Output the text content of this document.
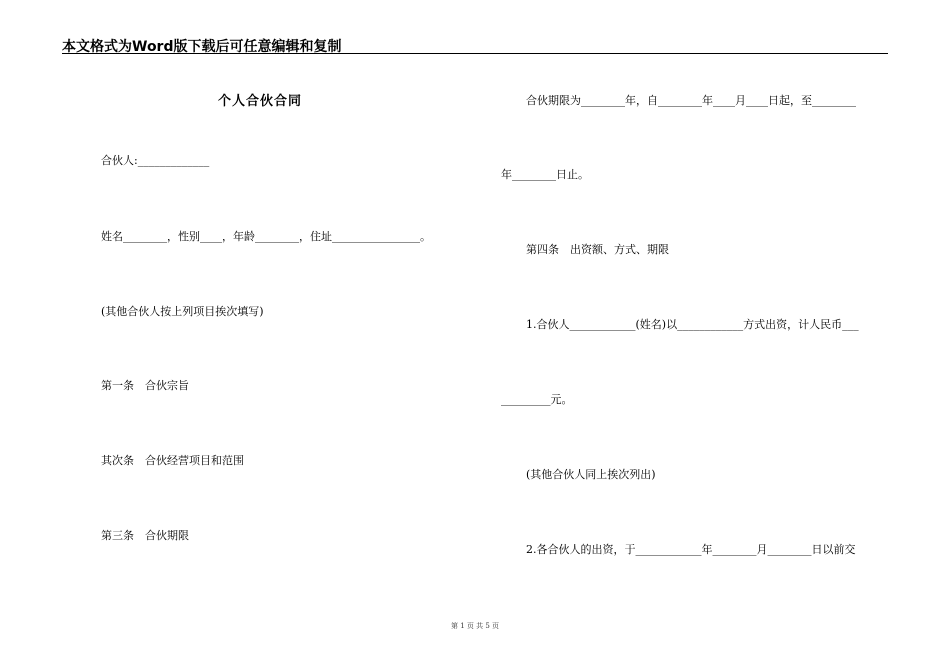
本文格式为Word版下载后可任意编辑和复制
个人合伙合同
合伙人:_____________
姓名________，性别____，年龄________，住址________________。
(其他合伙人按上列项目挨次填写)
第一条　合伙宗旨
其次条　合伙经营项目和范围
第三条　合伙期限
合伙期限为________年，自________年____月____日起，至________
年________日止。
第四条　出资额、方式、期限
1.合伙人____________(姓名)以____________方式出资，计人民币___
_________元。
(其他合伙人同上挨次列出)
2.各合伙人的出资，于____________年________月________日以前交
第 1 页 共 5 页
